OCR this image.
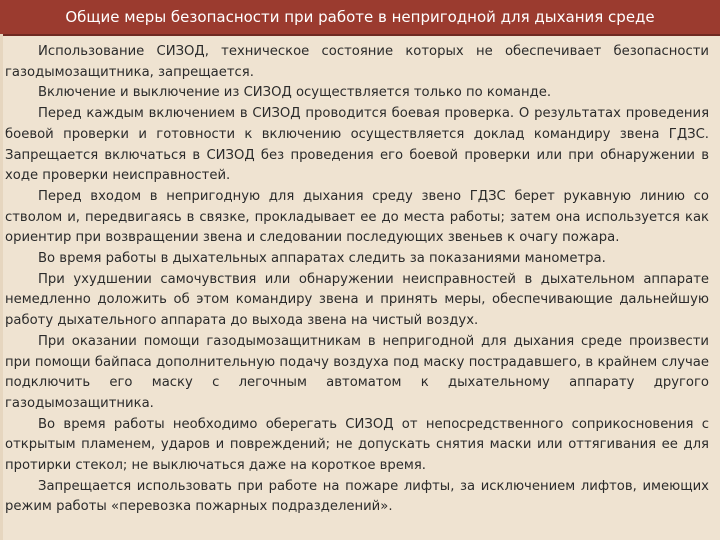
Общие меры безопасности при работе в непригодной для дыхания среде

Использование СИЗОД, техническое состояние которых не обеспечивает безопасности газодымозащитника, запрещается.

Включение и выключение из СИЗОД осуществляется только по команде.

Перед каждым включением в СИЗОД проводится боевая проверка. О результатах проведения боевой проверки и готовности к включению осуществляется доклад командиру звена ГДЗС. Запрещается включаться в СИЗОД без проведения его боевой проверки или при обнаружении в ходе проверки неисправностей.

Перед входом в непригодную для дыхания среду звено ГДЗС берет рукавную линию со стволом и, передвигаясь в связке, прокладывает ее до места работы; затем она используется как ориентир при возвращении звена и следовании последующих звеньев к очагу пожара.

Во время работы в дыхательных аппаратах следить за показаниями манометра.

При ухудшении самочувствия или обнаружении неисправностей в дыхательном аппарате немедленно доложить об этом командиру звена и принять меры, обеспечивающие дальнейшую работу дыхательного аппарата до выхода звена на чистый воздух.

При оказании помощи газодымозащитникам в непригодной для дыхания среде произвести при помощи байпаса дополнительную подачу воздуха под маску пострадавшего, в крайнем случае подключить его маску с легочным автоматом к дыхательному аппарату другого газодымозащитника.

Во время работы необходимо оберегать СИЗОД от непосредственного соприкосновения с открытым пламенем, ударов и повреждений; не допускать снятия маски или оттягивания ее для протирки стекол; не выключаться даже на короткое время.

Запрещается использовать при работе на пожаре лифты, за исключением лифтов, имеющих режим работы «перевозка пожарных подразделений».
